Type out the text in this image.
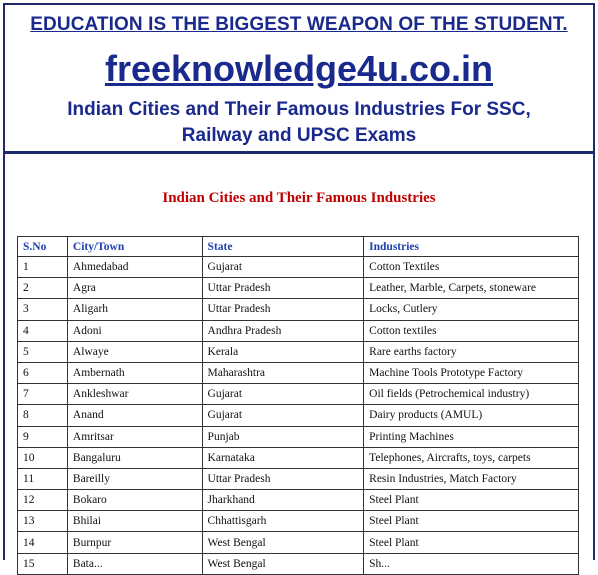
EDUCATION IS THE BIGGEST WEAPON OF THE STUDENT.
freeknowledge4u.co.in
Indian Cities and Their Famous Industries For SSC,
Railway and UPSC Exams
Indian Cities and Their Famous Industries
S.No	City/Town	State	Industries
1	Ahmedabad	Gujarat	Cotton Textiles
2	Agra	Uttar Pradesh	Leather, Marble, Carpets, stoneware
3	Aligarh	Uttar Pradesh	Locks, Cutlery
4	Adoni	Andhra Pradesh	Cotton textiles
5	Alwaye	Kerala	Rare earths factory
6	Ambernath	Maharashtra	Machine Tools Prototype Factory
7	Ankleshwar	Gujarat	Oil fields (Petrochemical industry)
8	Anand	Gujarat	Dairy products (AMUL)
9	Amritsar	Punjab	Printing Machines
10	Bangaluru	Karnataka	Telephones, Aircrafts, toys, carpets
11	Bareilly	Uttar Pradesh	Resin Industries, Match Factory
12	Bokaro	Jharkhand	Steel Plant
13	Bhilai	Chhattisgarh	Steel Plant
14	Burnpur	West Bengal	Steel Plant
15	Bata...	West Bengal	Sh...
